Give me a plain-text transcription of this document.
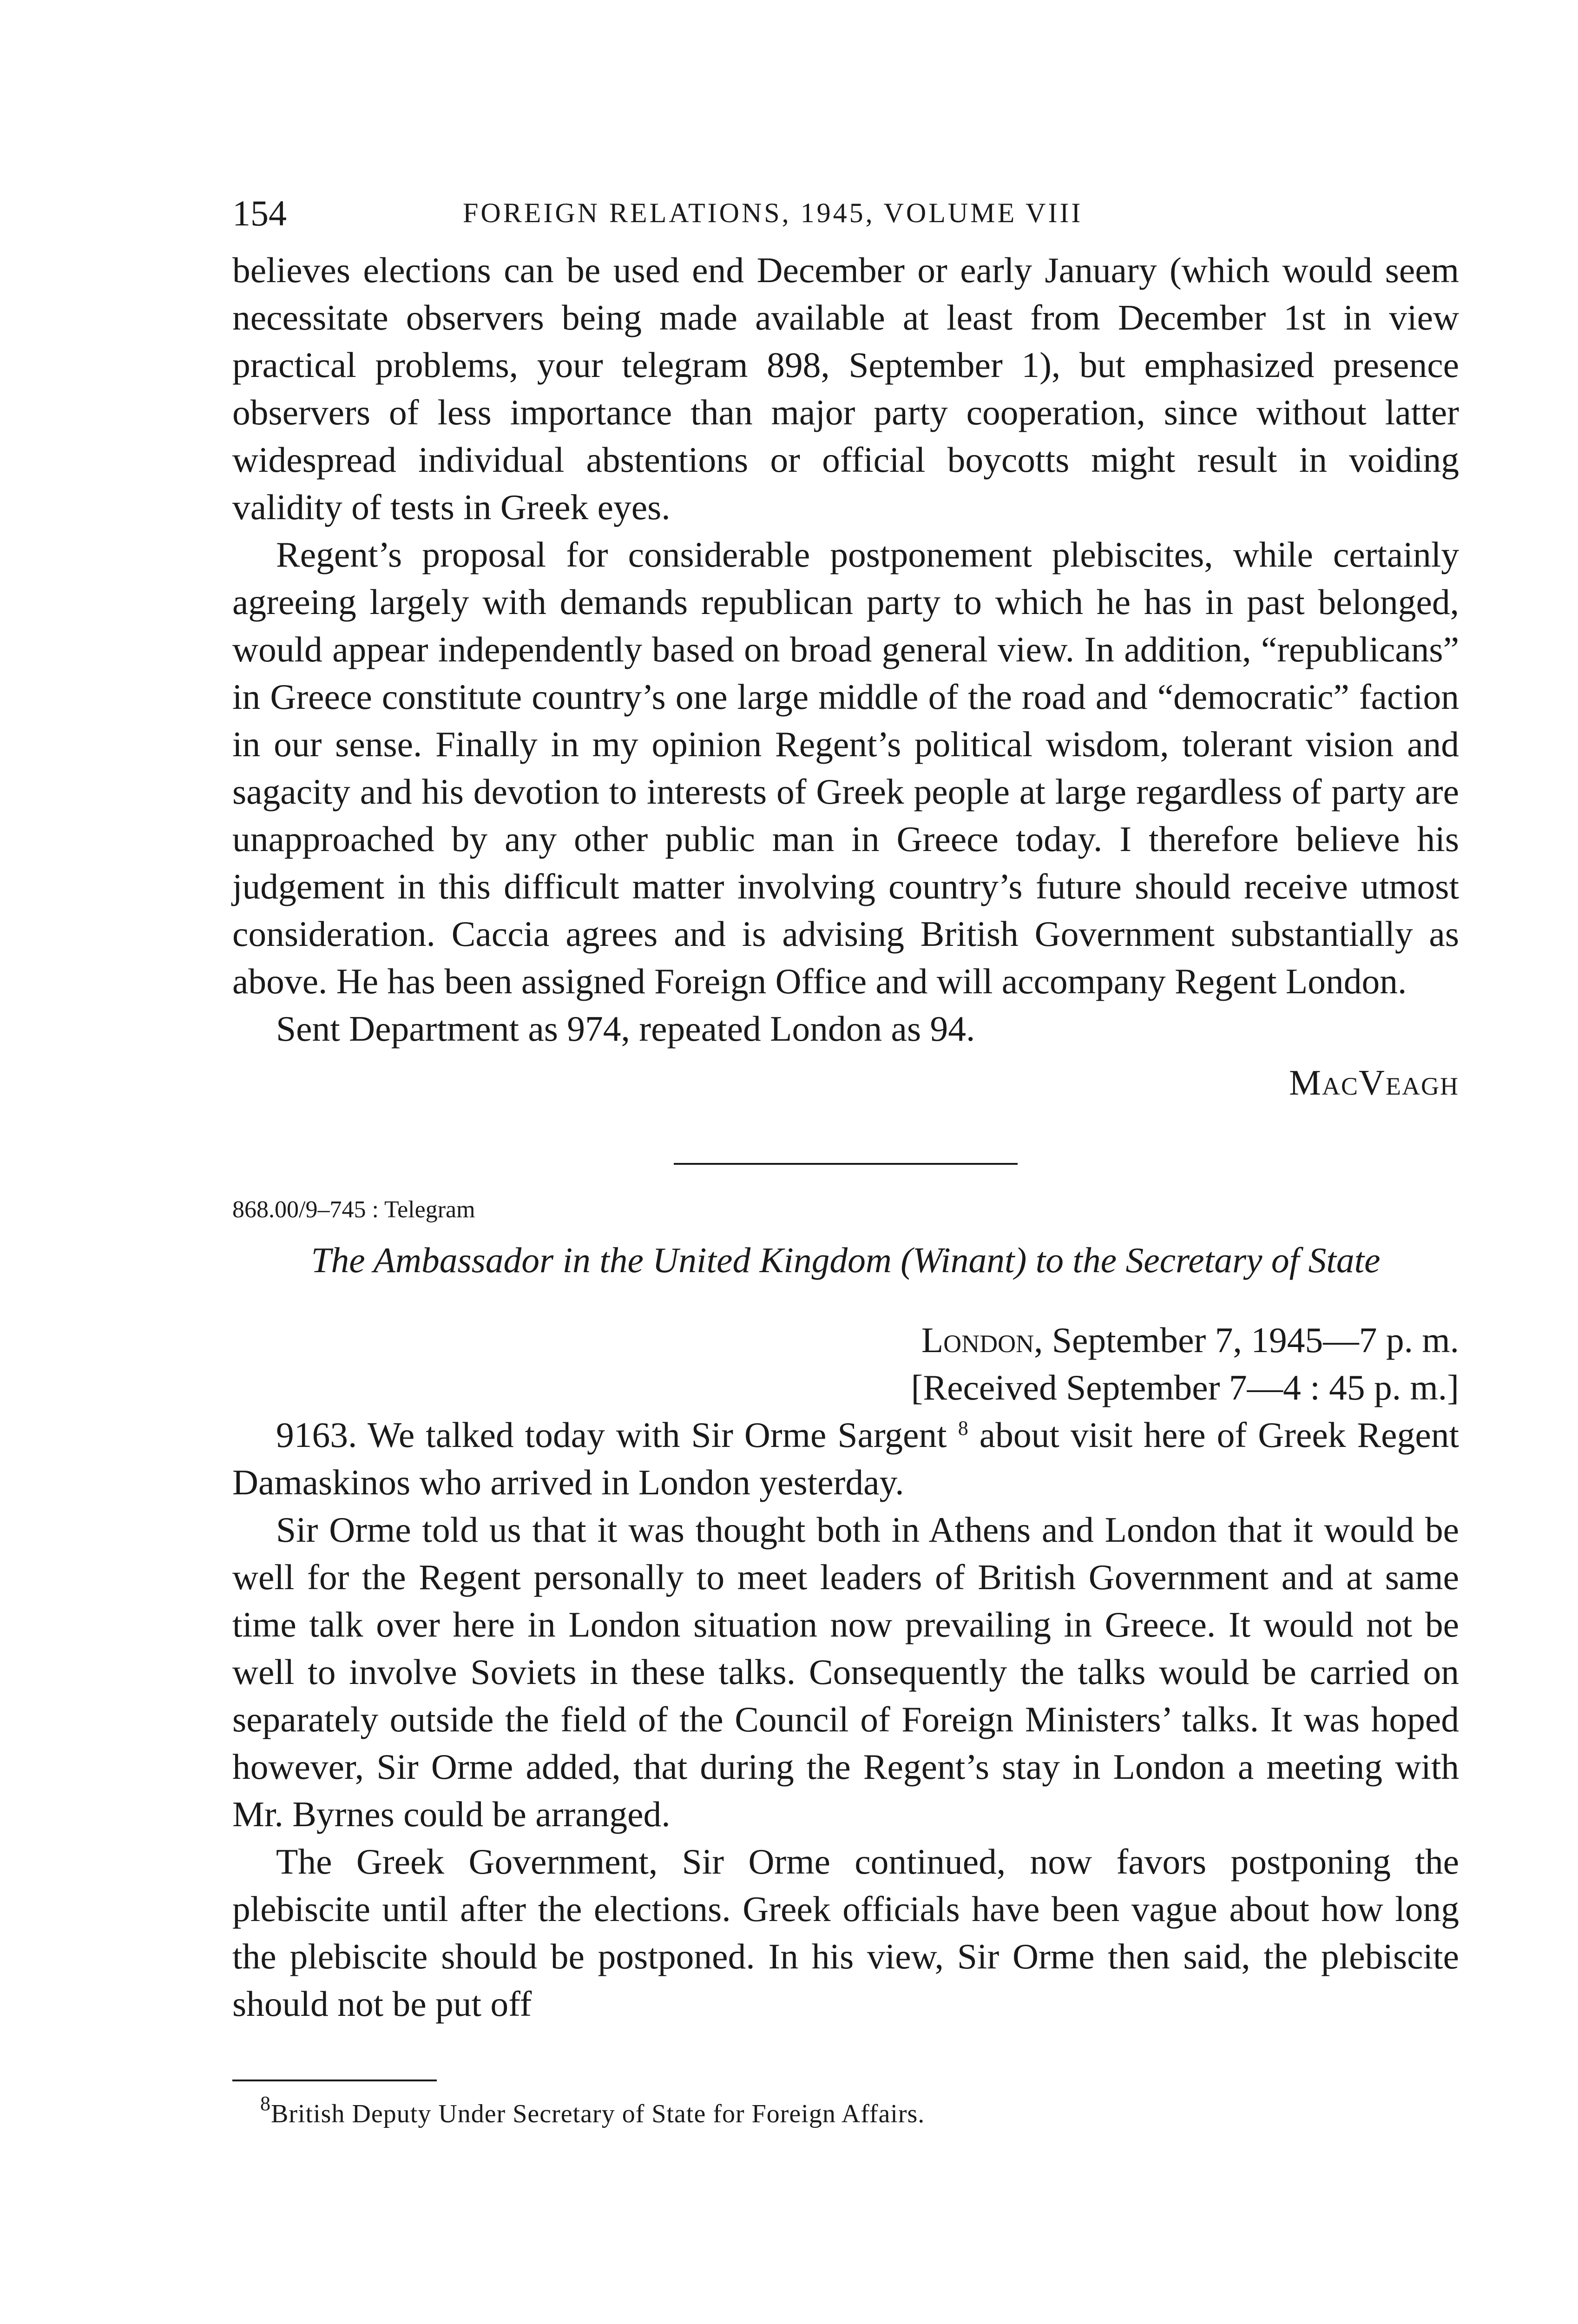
154	FOREIGN RELATIONS, 1945, VOLUME VIII

believes elections can be used end December or early January (which would seem necessitate observers being made available at least from December 1st in view practical problems, your telegram 898, September 1), but emphasized presence observers of less importance than major party cooperation, since without latter widespread individual abstentions or official boycotts might result in voiding validity of tests in Greek eyes.

Regent’s proposal for considerable postponement plebiscites, while certainly agreeing largely with demands republican party to which he has in past belonged, would appear independently based on broad general view. In addition, “republicans” in Greece constitute country’s one large middle of the road and “democratic” faction in our sense. Finally in my opinion Regent’s political wisdom, tolerant vision and sagacity and his devotion to interests of Greek people at large regardless of party are unapproached by any other public man in Greece today. I therefore believe his judgement in this difficult matter involving country’s future should receive utmost consideration. Caccia agrees and is advising British Government substantially as above. He has been assigned Foreign Office and will accompany Regent London.

Sent Department as 974, repeated London as 94.

MacVeagh
868.00/9–745 : Telegram
The Ambassador in the United Kingdom (Winant) to the Secretary of State
London, September 7, 1945—7 p. m.
[Received September 7—4 : 45 p. m.]

9163. We talked today with Sir Orme Sargent $^8$ about visit here of Greek Regent Damaskinos who arrived in London yesterday.

Sir Orme told us that it was thought both in Athens and London that it would be well for the Regent personally to meet leaders of British Government and at same time talk over here in London situation now prevailing in Greece. It would not be well to involve Soviets in these talks. Consequently the talks would be carried on separately outside the field of the Council of Foreign Ministers’ talks. It was hoped however, Sir Orme added, that during the Regent’s stay in London a meeting with Mr. Byrnes could be arranged.

The Greek Government, Sir Orme continued, now favors postponing the plebiscite until after the elections. Greek officials have been vague about how long the plebiscite should be postponed. In his view, Sir Orme then said, the plebiscite should not be put off

$^8$British Deputy Under Secretary of State for Foreign Affairs.
